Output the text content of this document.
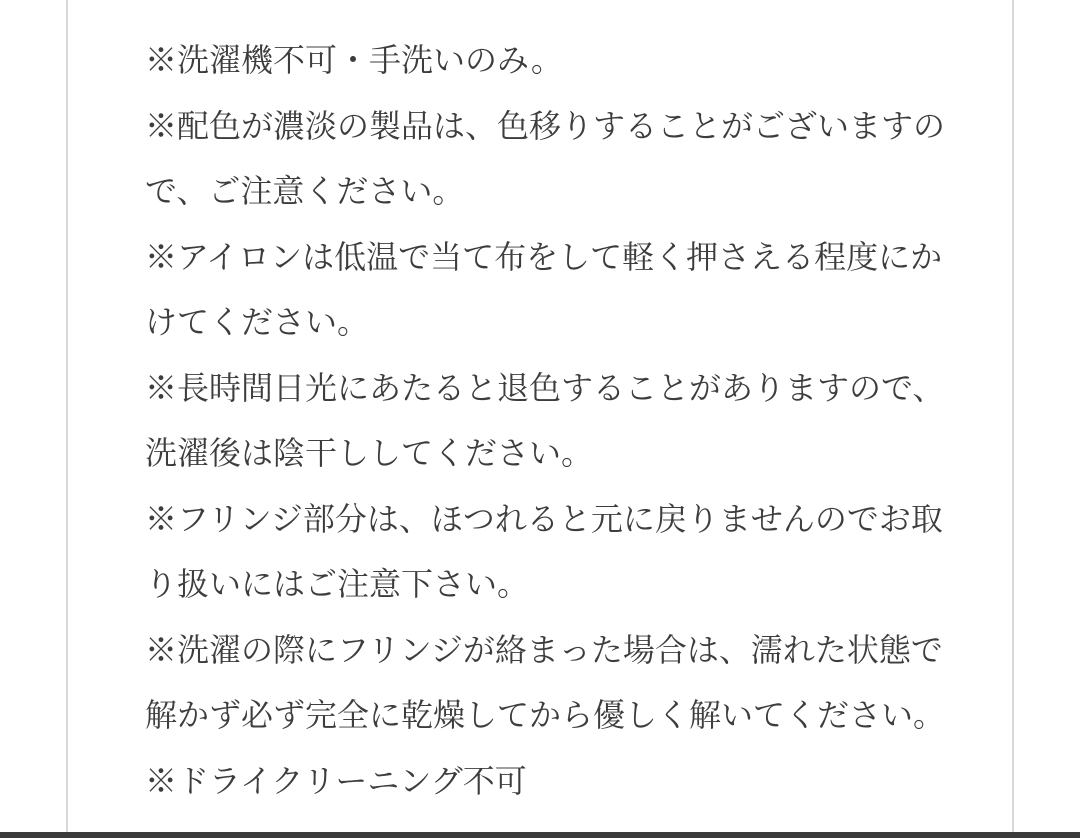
※洗濯機不可・手洗いのみ。
※配色が濃淡の製品は、色移りすることがございますの
で、ご注意ください。
※アイロンは低温で当て布をして軽く押さえる程度にか
けてください。
※長時間日光にあたると退色することがありますので、
洗濯後は陰干ししてください。
※フリンジ部分は、ほつれると元に戻りませんのでお取
り扱いにはご注意下さい。
※洗濯の際にフリンジが絡まった場合は、濡れた状態で
解かず必ず完全に乾燥してから優しく解いてください。
※ドライクリーニング不可
